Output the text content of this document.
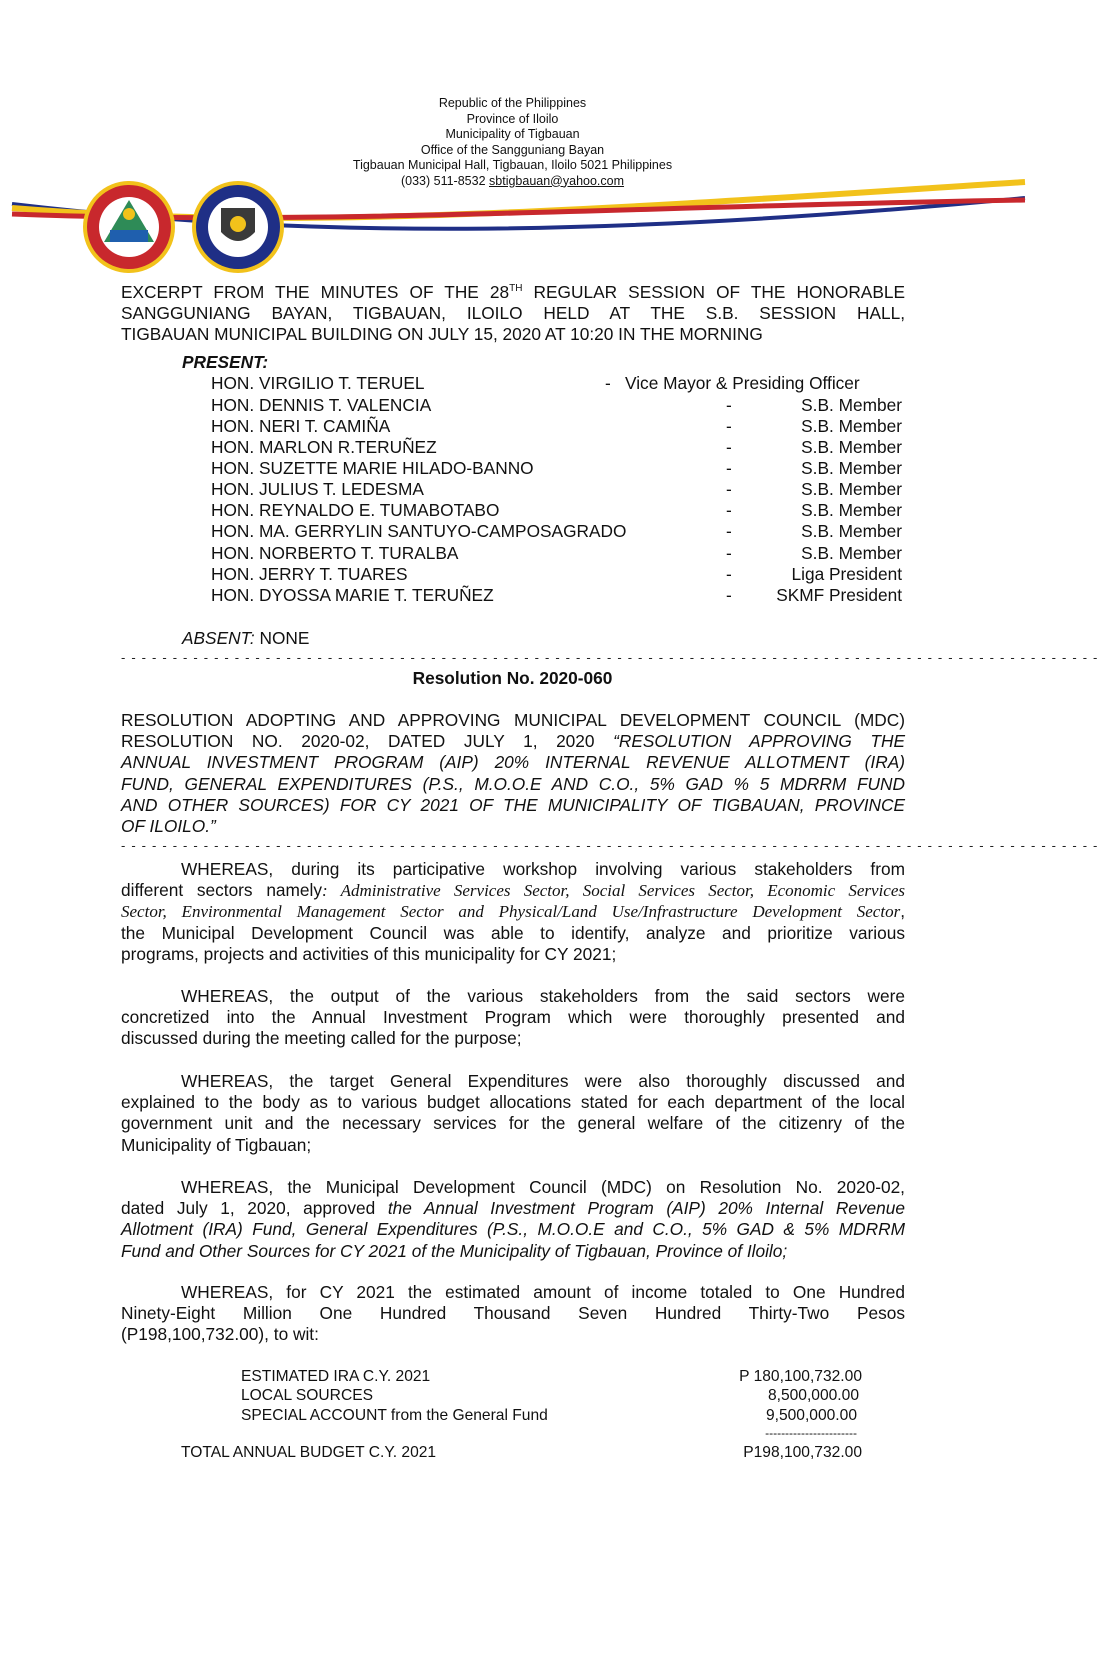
Republic of the Philippines
Province of Iloilo
Municipality of Tigbauan
Office of the Sangguniang Bayan
Tigbauan Municipal Hall, Tigbauan, Iloilo 5021 Philippines
(033) 511-8532 sbtigbauan@yahoo.com
EXCERPT FROM THE MINUTES OF THE 28TH REGULAR SESSION OF THE HONORABLE
SANGGUNIANG BAYAN, TIGBAUAN, ILOILO HELD AT THE S.B. SESSION HALL,
TIGBAUAN MUNICIPAL BUILDING ON JULY 15, 2020 AT 10:20 IN THE MORNING
PRESENT:
HON. VIRGILIO T. TERUEL	- Vice Mayor & Presiding Officer
HON. DENNIS T. VALENCIA	-	S.B. Member
HON. NERI T. CAMIÑA	-	S.B. Member
HON. MARLON R.TERUÑEZ	-	S.B. Member
HON. SUZETTE MARIE HILADO-BANNO	-	S.B. Member
HON. JULIUS T. LEDESMA	-	S.B. Member
HON. REYNALDO E. TUMABOTABO	-	S.B. Member
HON. MA. GERRYLIN SANTUYO-CAMPOSAGRADO	-	S.B. Member
HON. NORBERTO T. TURALBA	-	S.B. Member
HON. JERRY T. TUARES	-	Liga President
HON. DYOSSA MARIE T. TERUÑEZ	-	SKMF President
ABSENT: NONE
- - - - - - - - - - - - - - - - - - - - - - - - - - - - - - - - - - - - - - - - - - - - - - - - - - - - - - - - - - - - - - - - - - - - - - - - - - - - - - - - - - - - - - - - - - - - - - -
Resolution No. 2020-060
RESOLUTION ADOPTING AND APPROVING MUNICIPAL DEVELOPMENT COUNCIL (MDC)
RESOLUTION NO. 2020-02, DATED JULY 1, 2020 “RESOLUTION APPROVING THE
ANNUAL INVESTMENT PROGRAM (AIP) 20% INTERNAL REVENUE ALLOTMENT (IRA)
FUND, GENERAL EXPENDITURES (P.S., M.O.O.E AND C.O., 5% GAD % 5 MDRRM FUND
AND OTHER SOURCES) FOR CY 2021 OF THE MUNICIPALITY OF TIGBAUAN, PROVINCE
OF ILOILO.”
- - - - - - - - - - - - - - - - - - - - - - - - - - - - - - - - - - - - - - - - - - - - - - - - - - - - - - - - - - - - - - - - - - - - - - - - - - - - - - - - - - - - - - - - - - - - - - -
WHEREAS, during its participative workshop involving various stakeholders from
different sectors namely: Administrative Services Sector, Social Services Sector, Economic Services
Sector, Environmental Management Sector and Physical/Land Use/Infrastructure Development Sector,
the Municipal Development Council was able to identify, analyze and prioritize various
programs, projects and activities of this municipality for CY 2021;
WHEREAS, the output of the various stakeholders from the said sectors were
concretized into the Annual Investment Program which were thoroughly presented and
discussed during the meeting called for the purpose;
WHEREAS, the target General Expenditures were also thoroughly discussed and
explained to the body as to various budget allocations stated for each department of the local
government unit and the necessary services for the general welfare of the citizenry of the
Municipality of Tigbauan;
WHEREAS, the Municipal Development Council (MDC) on Resolution No. 2020-02,
dated July 1, 2020, approved the Annual Investment Program (AIP) 20% Internal Revenue
Allotment (IRA) Fund, General Expenditures (P.S., M.O.O.E and C.O., 5% GAD & 5% MDRRM
Fund and Other Sources for CY 2021 of the Municipality of Tigbauan, Province of Iloilo;
WHEREAS, for CY 2021 the estimated amount of income totaled to One Hundred
Ninety-Eight Million One Hundred Thousand Seven Hundred Thirty-Two Pesos
(P198,100,732.00), to wit:
ESTIMATED IRA C.Y. 2021	P 180,100,732.00
LOCAL SOURCES	8,500,000.00
SPECIAL ACCOUNT from the General Fund	9,500,000.00
-----------------------
TOTAL ANNUAL BUDGET C.Y. 2021	P198,100,732.00
